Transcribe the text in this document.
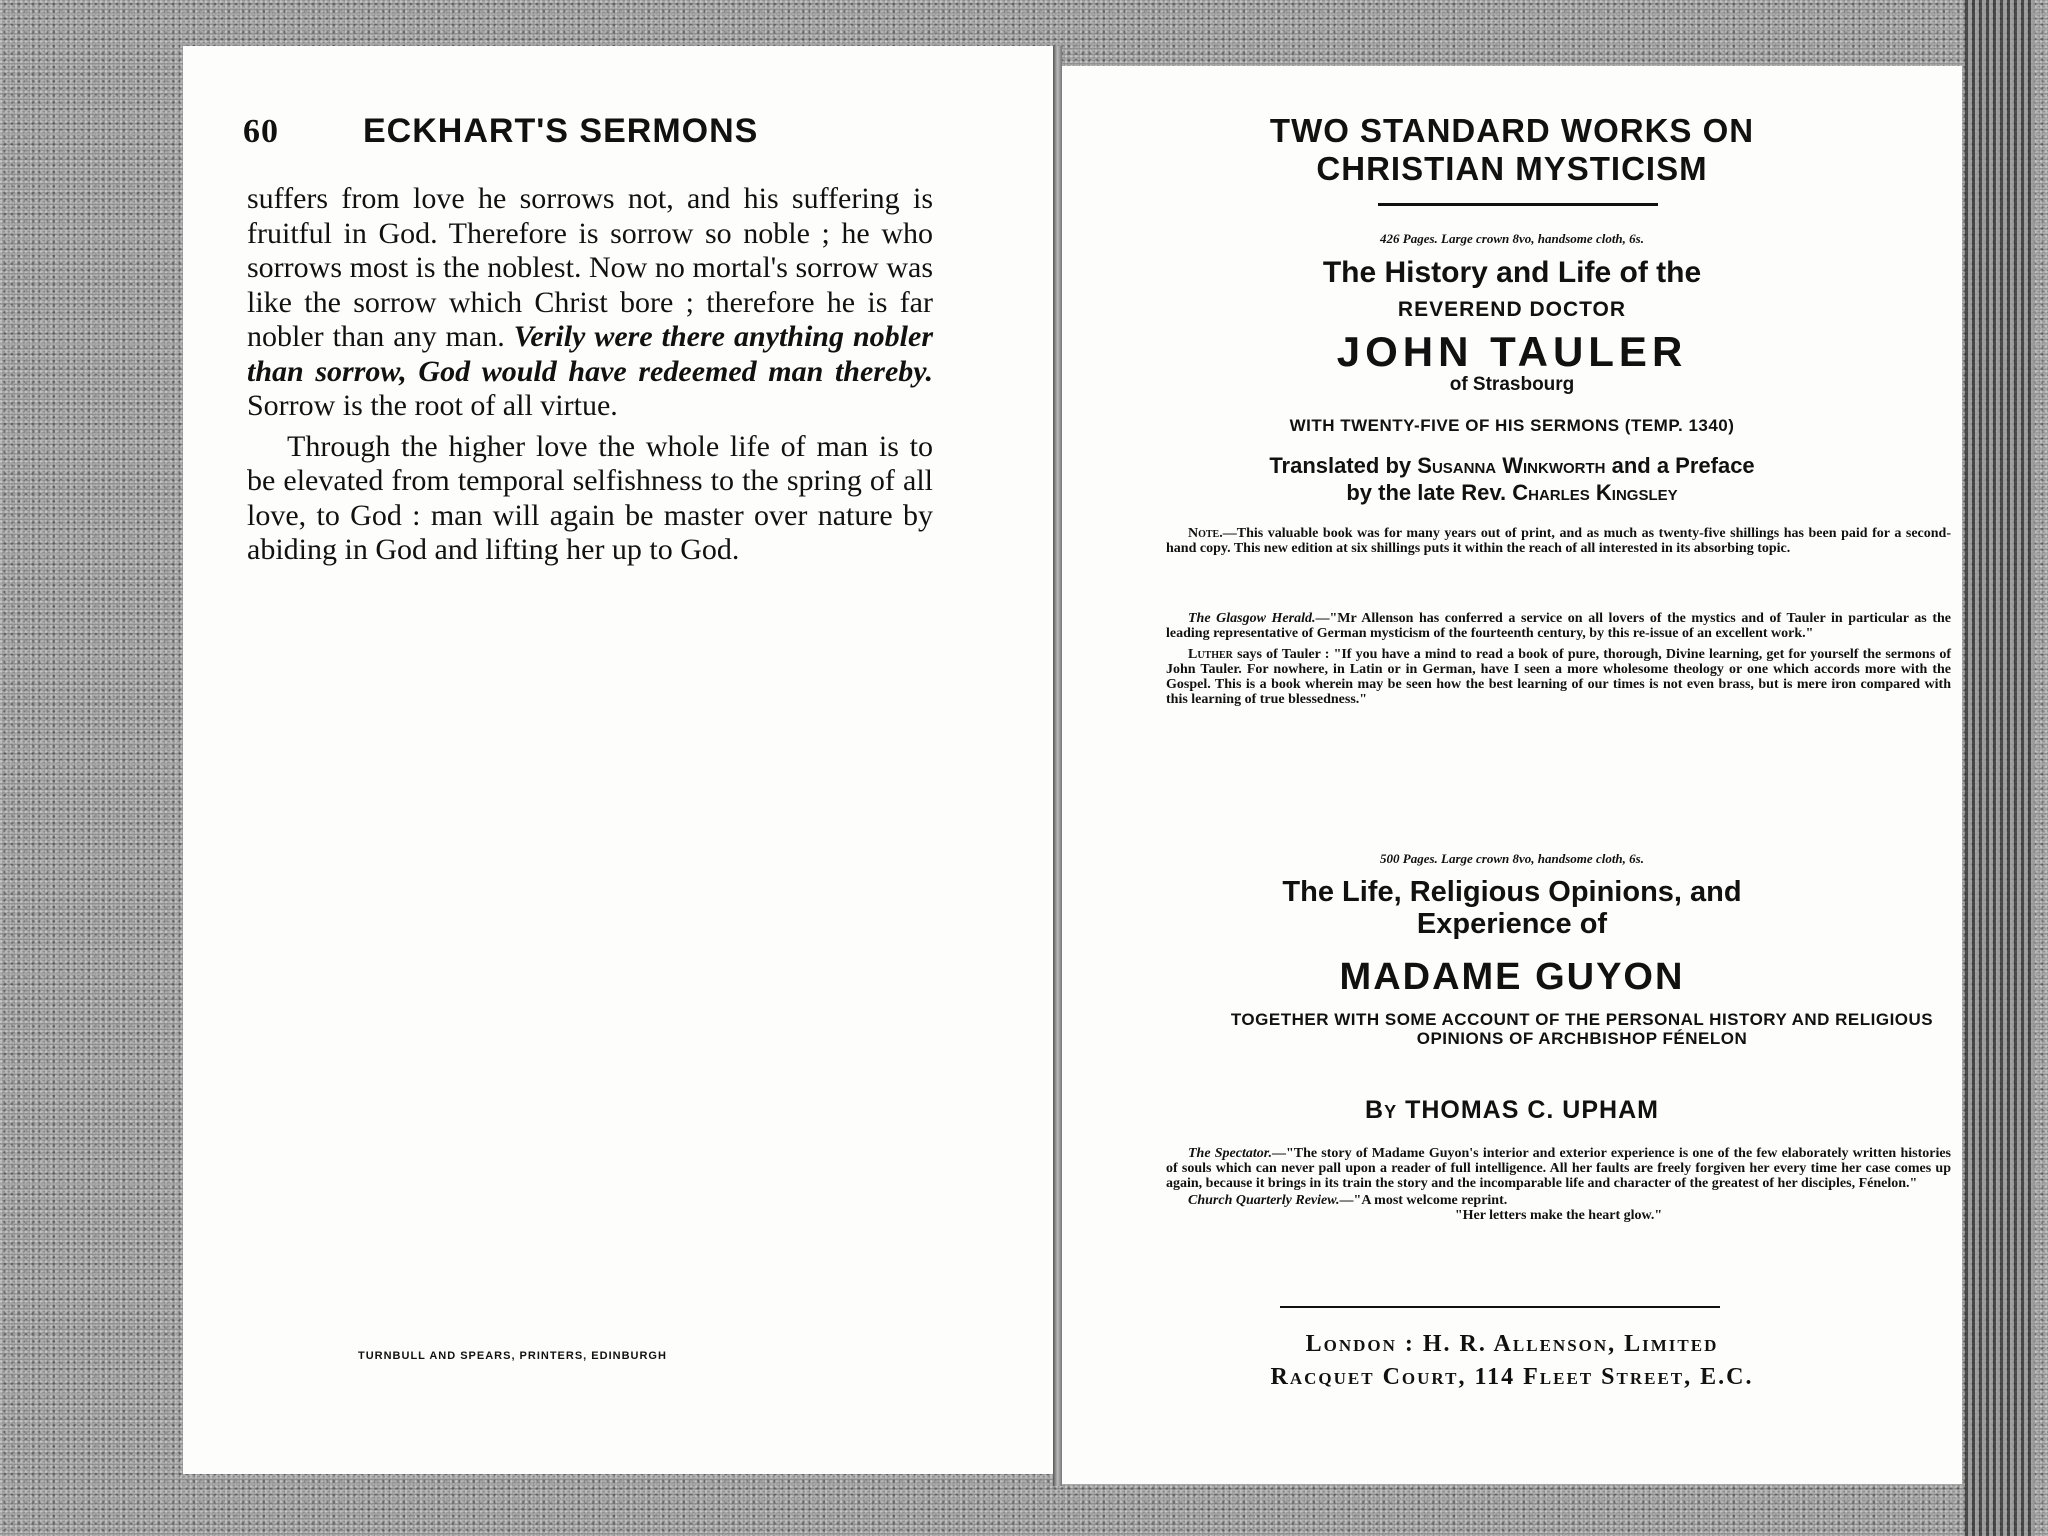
60 ECKHART'S SERMONS

suffers from love he sorrows not, and his suffering is fruitful in God. Therefore is sorrow so noble ; he who sorrows most is the noblest. Now no mortal's sorrow was like the sorrow which Christ bore ; therefore he is far nobler than any man. Verily were there anything nobler than sorrow, God would have redeemed man thereby. Sorrow is the root of all virtue.

Through the higher love the whole life of man is to be elevated from temporal selfishness to the spring of all love, to God : man will again be master over nature by abiding in God and lifting her up to God.

TURNBULL AND SPEARS, PRINTERS, EDINBURGH
TWO STANDARD WORKS ON
CHRISTIAN MYSTICISM
426 Pages. Large crown 8vo, handsome cloth, 6s.
The History and Life of the
REVEREND DOCTOR
JOHN TAULER
of Strasbourg
WITH TWENTY-FIVE OF HIS SERMONS (TEMP. 1340)
Translated by Susanna Winkworth and a Preface
by the late Rev. Charles Kingsley

Note.—This valuable book was for many years out of print, and as much as twenty-five shillings has been paid for a second-hand copy. This new edition at six shillings puts it within the reach of all interested in its absorbing topic.

The Glasgow Herald.—"Mr Allenson has conferred a service on all lovers of the mystics and of Tauler in particular as the leading representative of German mysticism of the fourteenth century, by this re-issue of an excellent work."

Luther says of Tauler : "If you have a mind to read a book of pure, thorough, Divine learning, get for yourself the sermons of John Tauler. For nowhere, in Latin or in German, have I seen a more wholesome theology or one which accords more with the Gospel. This is a book wherein may be seen how the best learning of our times is not even brass, but is mere iron compared with this learning of true blessedness."

500 Pages. Large crown 8vo, handsome cloth, 6s.
The Life, Religious Opinions, and
Experience of
MADAME GUYON
TOGETHER WITH SOME ACCOUNT OF THE PERSONAL HISTORY AND RELIGIOUS OPINIONS OF ARCHBISHOP FÉNELON
By THOMAS C. UPHAM

The Spectator.—"The story of Madame Guyon's interior and exterior experience is one of the few elaborately written histories of souls which can never pall upon a reader of full intelligence. All her faults are freely forgiven her every time her case comes up again, because it brings in its train the story and the incomparable life and character of the greatest of her disciples, Fénelon."

Church Quarterly Review.—"A most welcome reprint.

"Her letters make the heart glow."

London : H. R. Allenson, Limited
Racquet Court, 114 Fleet Street, E.C.
